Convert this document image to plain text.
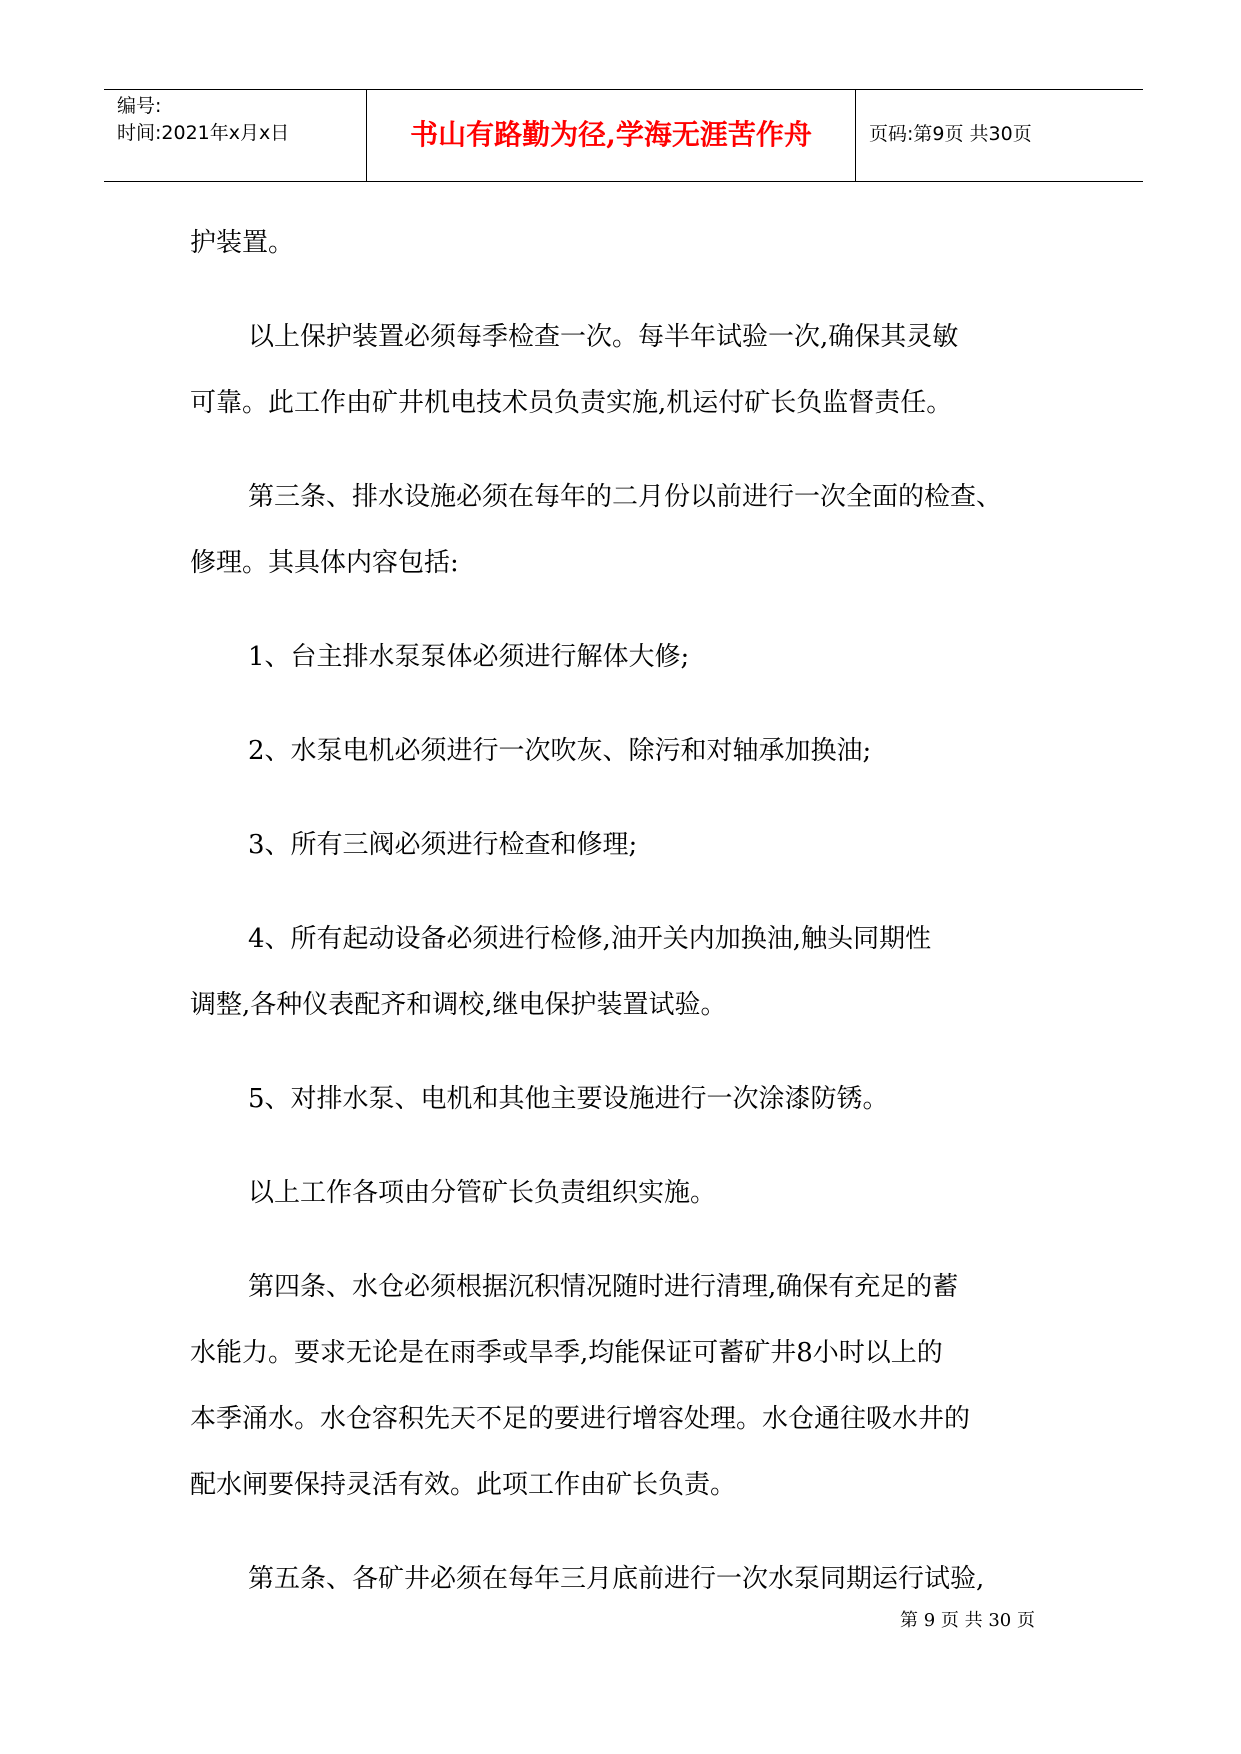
编号:
时间:2021年x月x日	书山有路勤为径,学海无涯苦作舟	页码:第9页 共30页
护装置。
以上保护装置必须每季检查一次。每半年试验一次,确保其灵敏
可靠。此工作由矿井机电技术员负责实施,机运付矿长负监督责任。
第三条、排水设施必须在每年的二月份以前进行一次全面的检查、
修理。其具体内容包括:
1、台主排水泵泵体必须进行解体大修;
2、水泵电机必须进行一次吹灰、除污和对轴承加换油;
3、所有三阀必须进行检查和修理;
4、所有起动设备必须进行检修,油开关内加换油,触头同期性
调整,各种仪表配齐和调校,继电保护装置试验。
5、对排水泵、电机和其他主要设施进行一次涂漆防锈。
以上工作各项由分管矿长负责组织实施。
第四条、水仓必须根据沉积情况随时进行清理,确保有充足的蓄
水能力。要求无论是在雨季或旱季,均能保证可蓄矿井8小时以上的
本季涌水。水仓容积先天不足的要进行增容处理。水仓通往吸水井的
配水闸要保持灵活有效。此项工作由矿长负责。
第五条、各矿井必须在每年三月底前进行一次水泵同期运行试验,
第 9 页 共 30 页
